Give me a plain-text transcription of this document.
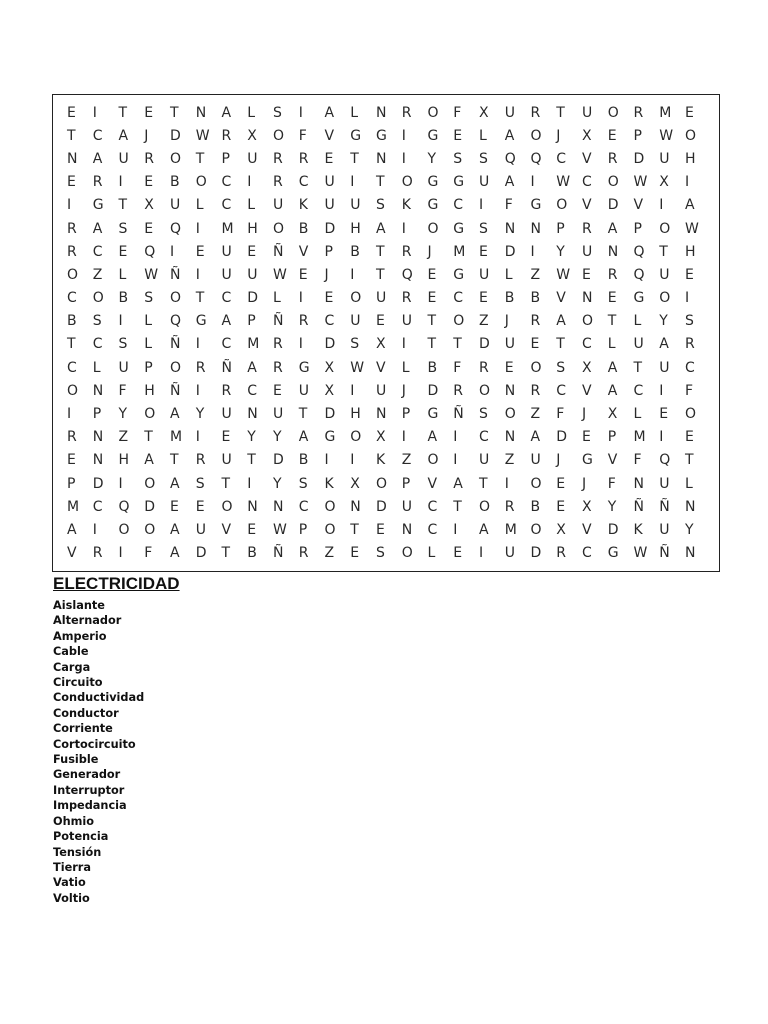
E	I	T	E	T	N	A	L	S	I	A	L	N	R	O	F	X	U	R	T	U	O	R	M E
T	C	A	J	D	W R	X	O	F	V	G	G	I	G	E	L	A	O	J	X	E	P	W O
N	A	U	R	O	T	P	U	R	R	E	T	N	I	Y	S	S	Q	Q	C	V	R	D	U	H
E	R	I	E	B	O	C	I	R	C	U	I	T	O	G	G	U	A	I	W C	O	W X	I
I	G	T	X	U	L	C	L	U	K	U	U	S	K	G	C	I	F	G	O	V	D	V	I	A
R	A	S	E	Q	I	M H	O	B	D	H	A	I	O	G	S	N	N	P	R	A	P	O	W
R	C	E	Q	I	E	U	E	Ñ	V	P	B	T	R	J	M E	D	I	Y	U	N	Q	T	H
O	Z	L	W Ñ	I	U	U	W E	J	I	T	Q	E	G	U	L	Z	W E	R	Q	U	E
C	O	B	S	O	T	C	D	L	I	E	O	U	R	E	C	E	B	B	V	N	E	G	O	I
B	S	I	L	Q	G	A	P	Ñ	R	C	U	E	U	T	O	Z	J	R	A	O	T	L	Y	S
T	C	S	L	Ñ	I	C	M R	I	D	S	X	I	T	T	D	U	E	T	C	L	U	A	R
C	L	U	P	O	R	Ñ	A	R	G	X	W V	L	B	F	R	E	O	S	X	A	T	U	C
O	N	F	H	Ñ	I	R	C	E	U	X	I	U	J	D	R	O	N	R	C	V	A	C	I	F
I	P	Y	O	A	Y	U	N	U	T	D	H	N	P	G	Ñ	S	O	Z	F	J	X	L	E	O
R	N	Z	T	M I	E	Y	Y	A	G	O	X	I	A	I	C	N	A	D	E	P	M I	E
E	N	H	A	T	R	U	T	D	B	I	I	K	Z	O	I	U	Z	U	J	G	V	F	Q	T
P	D	I	O	A	S	T	I	Y	S	K	X	O	P	V	A	T	I	O	E	J	F	N	U	L
M C	Q	D	E	E	O	N	N	C	O	N	D	U	C	T	O	R	B	E	X	Y	Ñ	Ñ	N
A	I	O	O	A	U	V	E	W P	O	T	E	N	C	I	A	M O	X	V	D	K	U	Y
V	R	I	F	A	D	T	B	Ñ	R	Z	E	S	O	L	E	I	U	D	R	C	G	W Ñ	N
ELECTRICIDAD
Aislante
Alternador
Amperio
Cable
Carga
Circuito
Conductividad
Conductor
Corriente
Cortocircuito
Fusible
Generador
Interruptor
Impedancia
Ohmio
Potencia
Tensión
Tierra
Vatio
Voltio
